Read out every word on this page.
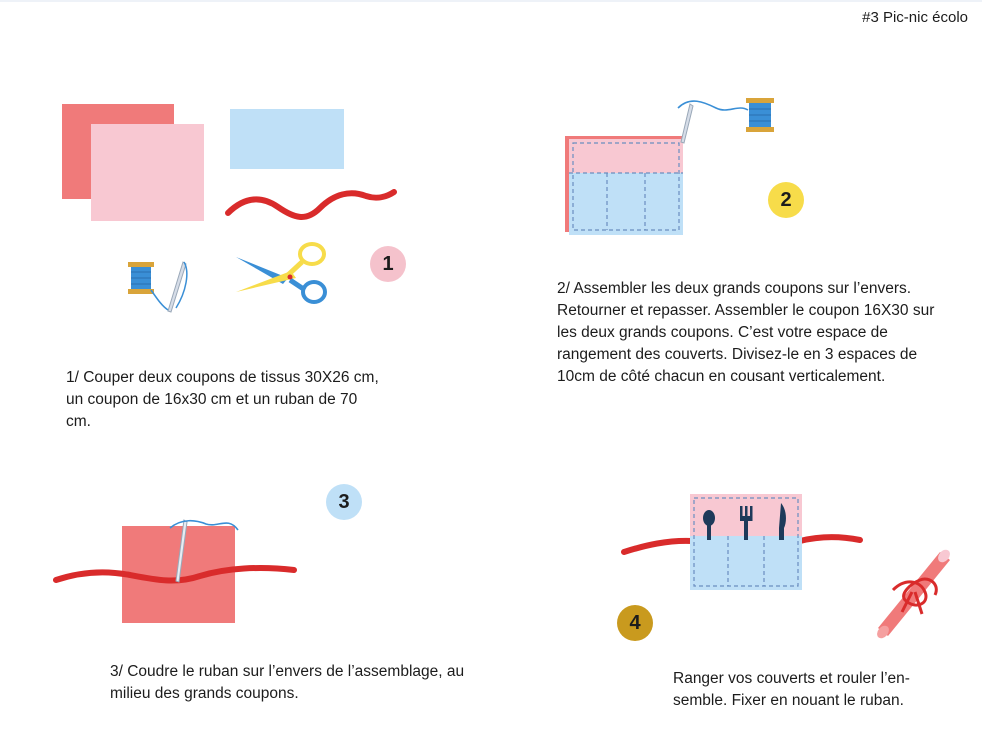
#3 Pic-nic écolo
1
2
3
4
1/ Couper deux coupons de tissus 30X26 cm, un coupon de 16x30 cm et un ruban de 70 cm.
2/ Assembler les deux grands coupons sur l’envers. Retourner et repasser. Assembler le coupon 16X30 sur les deux grands coupons. C’est votre espace de rangement des couverts. Divisez-le en 3 espaces de 10cm de côté chacun en cousant verticalement.
3/ Coudre le ruban sur l’envers de l’assemblage, au milieu des grands coupons.
Ranger vos couverts et rouler l’en-semble. Fixer en nouant le ruban.
